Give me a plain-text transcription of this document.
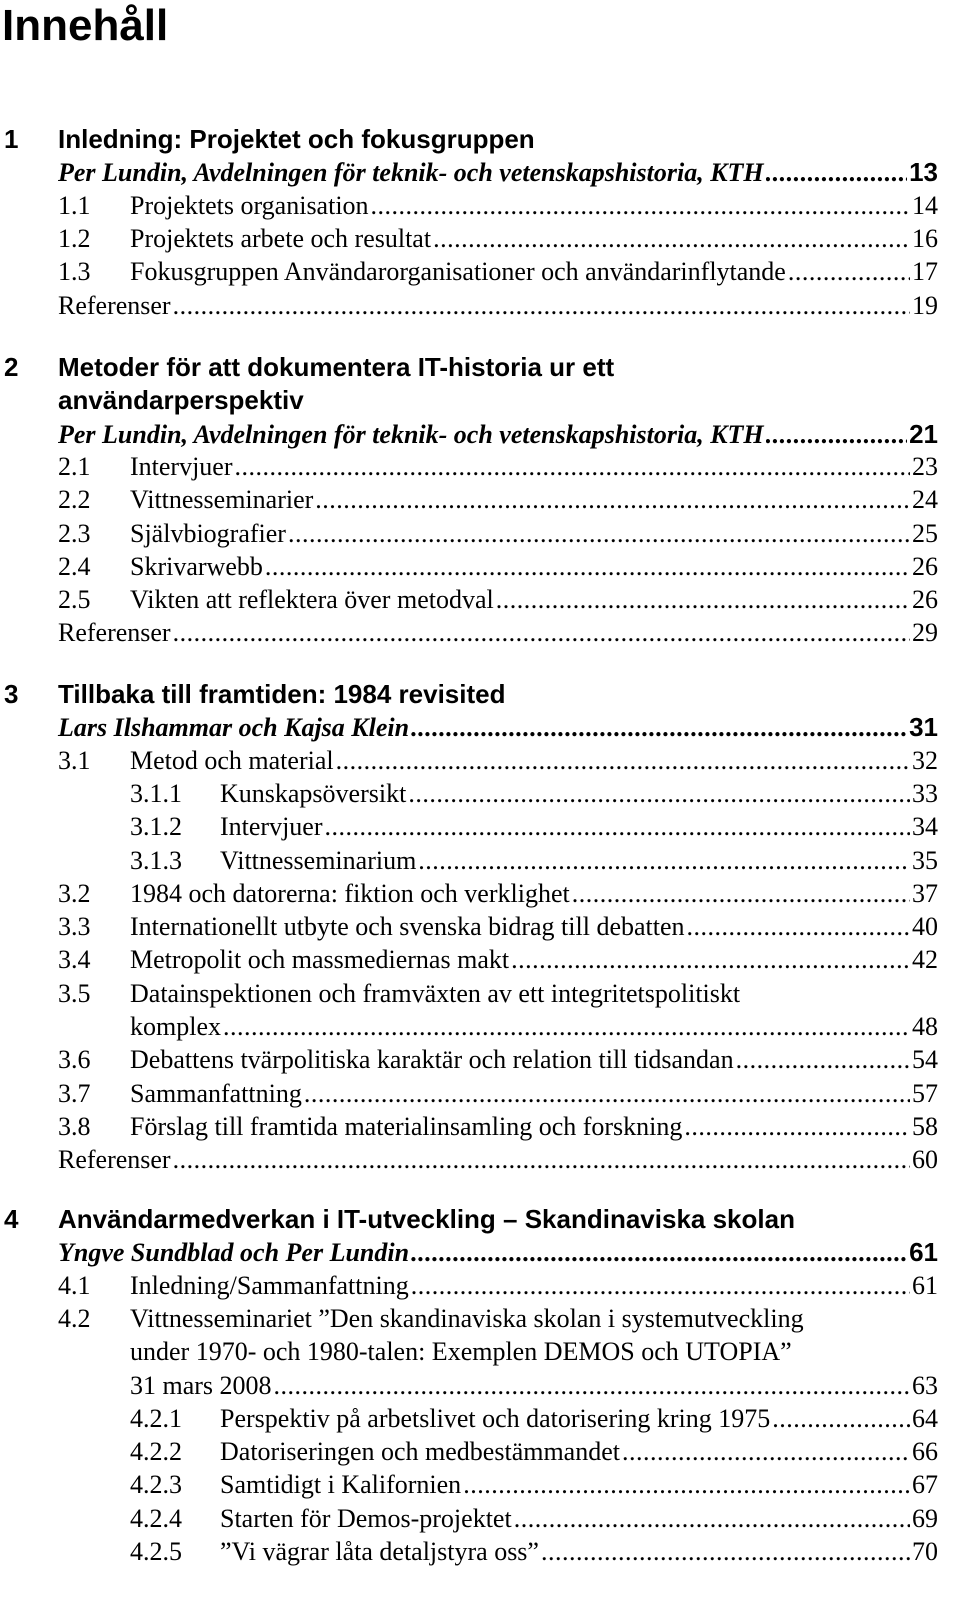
Innehåll
1 Inledning: Projektet och fokusgruppen
Per Lundin, Avdelningen för teknik- och vetenskapshistoria, KTH .....	13
1.1 Projektets organisation .....	14
1.2 Projektets arbete och resultat .....	16
1.3 Fokusgruppen Användarorganisationer och användarinflytande .....	17
Referenser .....	19
2 Metoder för att dokumentera IT-historia ur ett
användarperspektiv
Per Lundin, Avdelningen för teknik- och vetenskapshistoria, KTH .....	21
2.1 Intervjuer .....	23
2.2 Vittnesseminarier .....	24
2.3 Självbiografier .....	25
2.4 Skrivarwebb .....	26
2.5 Vikten att reflektera över metodval .....	26
Referenser .....	29
3 Tillbaka till framtiden: 1984 revisited
Lars Ilshammar och Kajsa Klein .....	31
3.1 Metod och material .....	32
3.1.1 Kunskapsöversikt .....	33
3.1.2 Intervjuer .....	34
3.1.3 Vittnesseminarium .....	35
3.2 1984 och datorerna: fiktion och verklighet .....	37
3.3 Internationellt utbyte och svenska bidrag till debatten .....	40
3.4 Metropolit och massmediernas makt .....	42
3.5 Datainspektionen och framväxten av ett integritetspolitiskt
komplex .....	48
3.6 Debattens tvärpolitiska karaktär och relation till tidsandan .....	54
3.7 Sammanfattning .....	57
3.8 Förslag till framtida materialinsamling och forskning .....	58
Referenser .....	60
4 Användarmedverkan i IT-utveckling – Skandinaviska skolan
Yngve Sundblad och Per Lundin .....	61
4.1 Inledning/Sammanfattning .....	61
4.2 Vittnesseminariet ”Den skandinaviska skolan i systemutveckling
under 1970- och 1980-talen: Exemplen DEMOS och UTOPIA”
31 mars 2008 .....	63
4.2.1 Perspektiv på arbetslivet och datorisering kring 1975 .....	64
4.2.2 Datoriseringen och medbestämmandet .....	66
4.2.3 Samtidigt i Kalifornien .....	67
4.2.4 Starten för Demos-projektet .....	69
4.2.5 ”Vi vägrar låta detaljstyra oss” .....	70
